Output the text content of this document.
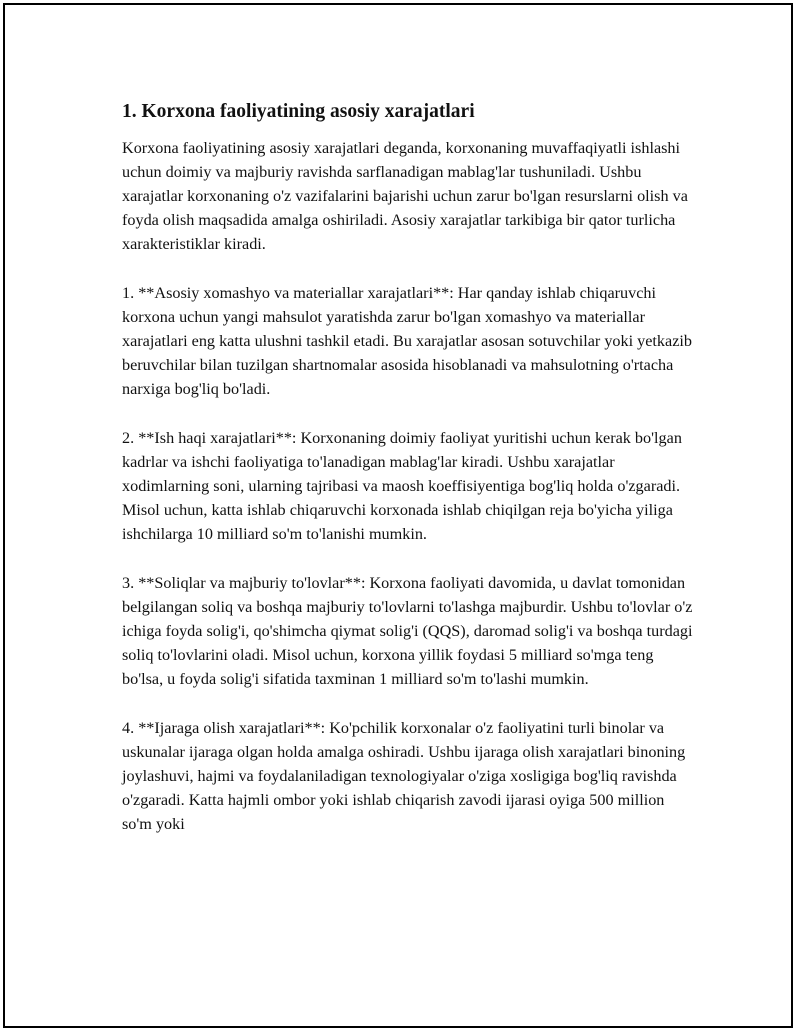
1. Korxona faoliyatining asosiy xarajatlari

Korxona faoliyatining asosiy xarajatlari deganda, korxonaning muvaffaqiyatli ishlashi uchun doimiy va majburiy ravishda sarflanadigan mablag'lar tushuniladi. Ushbu xarajatlar korxonaning o'z vazifalarini bajarishi uchun zarur bo'lgan resurslarni olish va foyda olish maqsadida amalga oshiriladi. Asosiy xarajatlar tarkibiga bir qator turlicha xarakteristiklar kiradi.

1. **Asosiy xomashyo va materiallar xarajatlari**: Har qanday ishlab chiqaruvchi korxona uchun yangi mahsulot yaratishda zarur bo'lgan xomashyo va materiallar xarajatlari eng katta ulushni tashkil etadi. Bu xarajatlar asosan sotuvchilar yoki yetkazib beruvchilar bilan tuzilgan shartnomalar asosida hisoblanadi va mahsulotning o'rtacha narxiga bog'liq bo'ladi.

2. **Ish haqi xarajatlari**: Korxonaning doimiy faoliyat yuritishi uchun kerak bo'lgan kadrlar va ishchi faoliyatiga to'lanadigan mablag'lar kiradi. Ushbu xarajatlar xodimlarning soni, ularning tajribasi va maosh koeffisiyentiga bog'liq holda o'zgaradi. Misol uchun, katta ishlab chiqaruvchi korxonada ishlab chiqilgan reja bo'yicha yiliga ishchilarga 10 milliard so'm to'lanishi mumkin.

3. **Soliqlar va majburiy to'lovlar**: Korxona faoliyati davomida, u davlat tomonidan belgilangan soliq va boshqa majburiy to'lovlarni to'lashga majburdir. Ushbu to'lovlar o'z ichiga foyda solig'i, qo'shimcha qiymat solig'i (QQS), daromad solig'i va boshqa turdagi soliq to'lovlarini oladi. Misol uchun, korxona yillik foydasi 5 milliard so'mga teng bo'lsa, u foyda solig'i sifatida taxminan 1 milliard so'm to'lashi mumkin.

4. **Ijaraga olish xarajatlari**: Ko'pchilik korxonalar o'z faoliyatini turli binolar va uskunalar ijaraga olgan holda amalga oshiradi. Ushbu ijaraga olish xarajatlari binoning joylashuvi, hajmi va foydalaniladigan texnologiyalar o'ziga xosligiga bog'liq ravishda o'zgaradi. Katta hajmli ombor yoki ishlab chiqarish zavodi ijarasi oyiga 500 million so'm yoki
